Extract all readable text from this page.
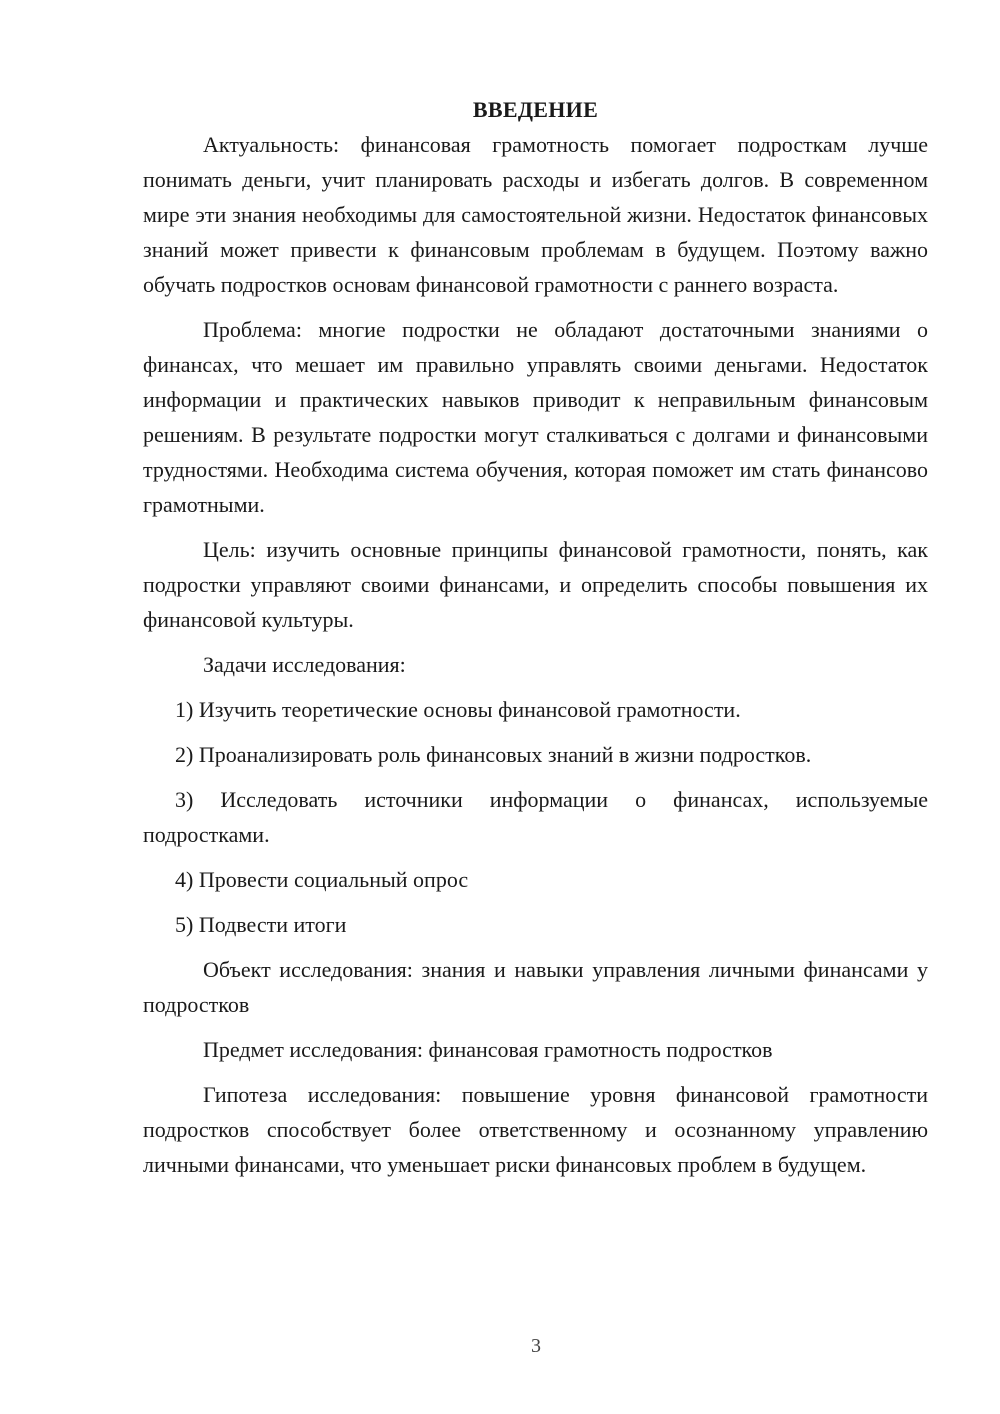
ВВЕДЕНИЕ

Актуальность: финансовая грамотность помогает подросткам лучше понимать деньги, учит планировать расходы и избегать долгов. В современном мире эти знания необходимы для самостоятельной жизни. Недостаток финансовых знаний может привести к финансовым проблемам в будущем. Поэтому важно обучать подростков основам финансовой грамотности с раннего возраста.

Проблема: многие подростки не обладают достаточными знаниями о финансах, что мешает им правильно управлять своими деньгами. Недостаток информации и практических навыков приводит к неправильным финансовым решениям. В результате подростки могут сталкиваться с долгами и финансовыми трудностями. Необходима система обучения, которая поможет им стать финансово грамотными.

Цель: изучить основные принципы финансовой грамотности, понять, как подростки управляют своими финансами, и определить способы повышения их финансовой культуры.

Задачи исследования:

1) Изучить теоретические основы финансовой грамотности.

2) Проанализировать роль финансовых знаний в жизни подростков.

3) Исследовать источники информации о финансах, используемые подростками.

4) Провести социальный опрос

5) Подвести итоги

Объект исследования: знания и навыки управления личными финансами у подростков

Предмет исследования: финансовая грамотность подростков

Гипотеза исследования: повышение уровня финансовой грамотности подростков способствует более ответственному и осознанному управлению личными финансами, что уменьшает риски финансовых проблем в будущем.

3
